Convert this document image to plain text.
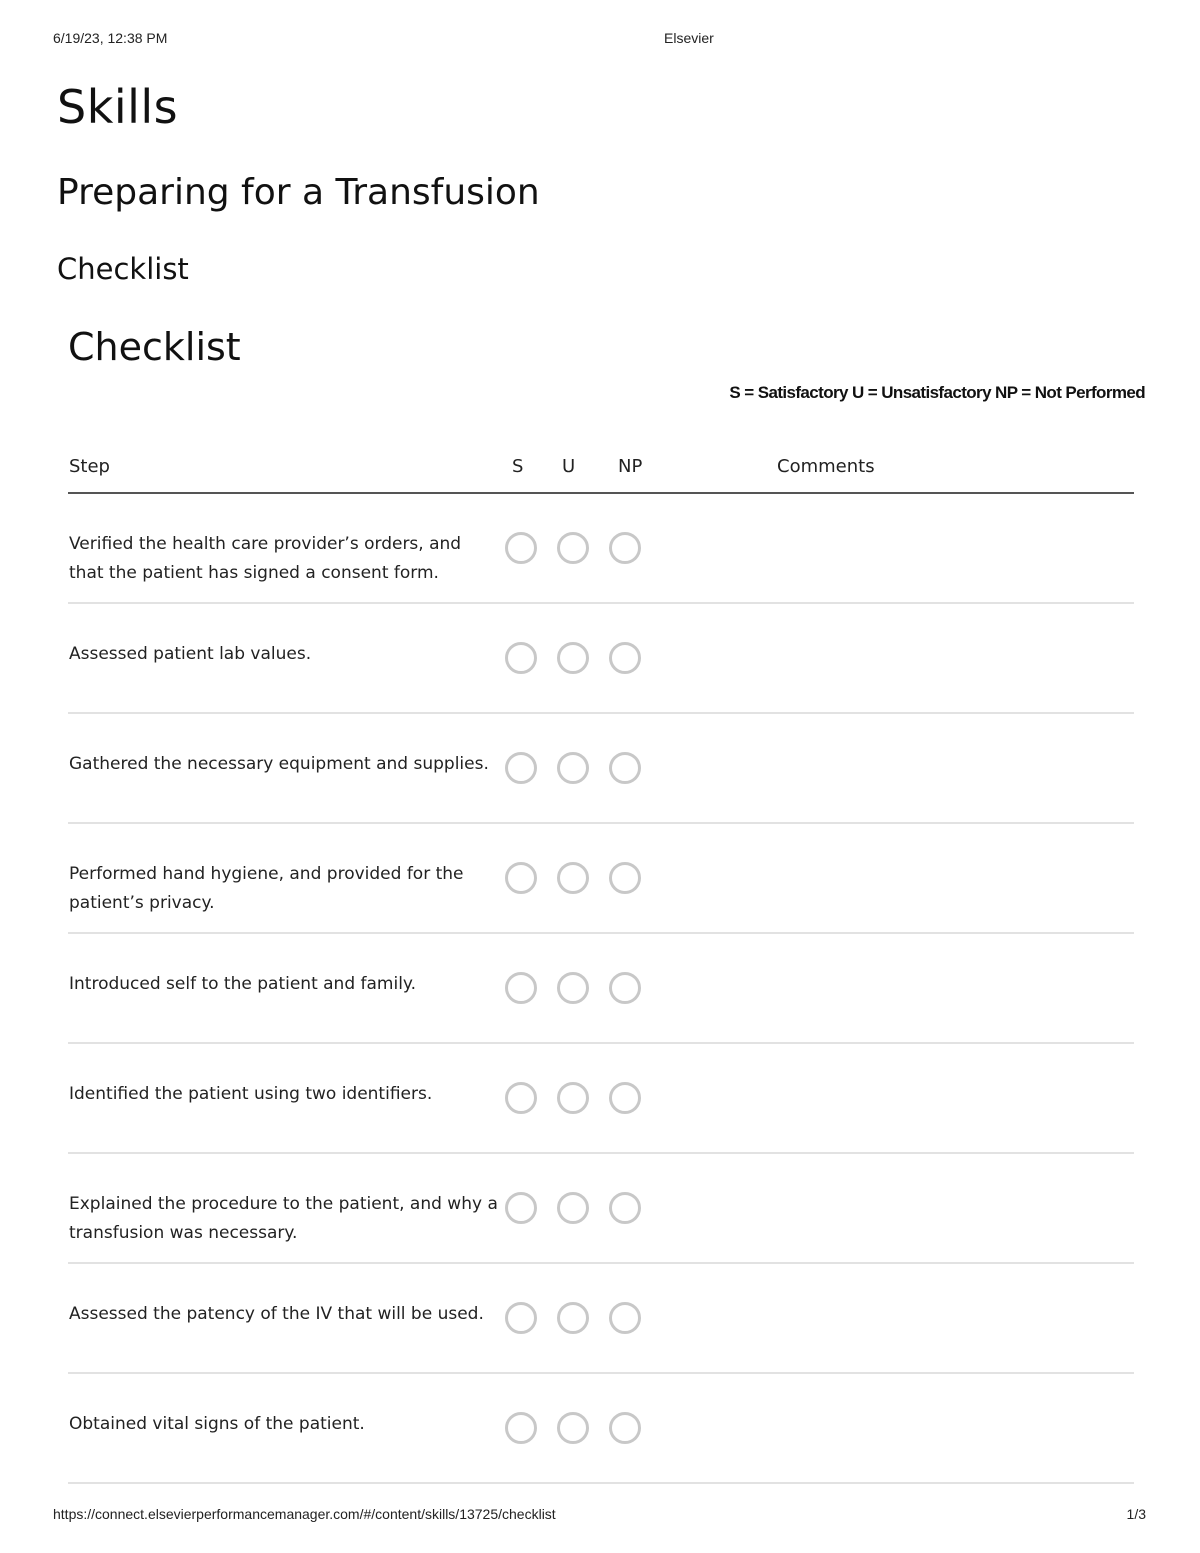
6/19/23, 12:38 PM	Elsevier
Skills
Preparing for a Transfusion
Checklist
Checklist
S = Satisfactory U = Unsatisfactory NP = Not Performed
Step	S U NP	Comments
Verified the health care provider’s orders, and that the patient has signed a consent form.
Assessed patient lab values.
Gathered the necessary equipment and supplies.
Performed hand hygiene, and provided for the patient’s privacy.
Introduced self to the patient and family.
Identified the patient using two identifiers.
Explained the procedure to the patient, and why a transfusion was necessary.
Assessed the patency of the IV that will be used.
Obtained vital signs of the patient.
https://connect.elsevierperformancemanager.com/#/content/skills/13725/checklist	1/3
